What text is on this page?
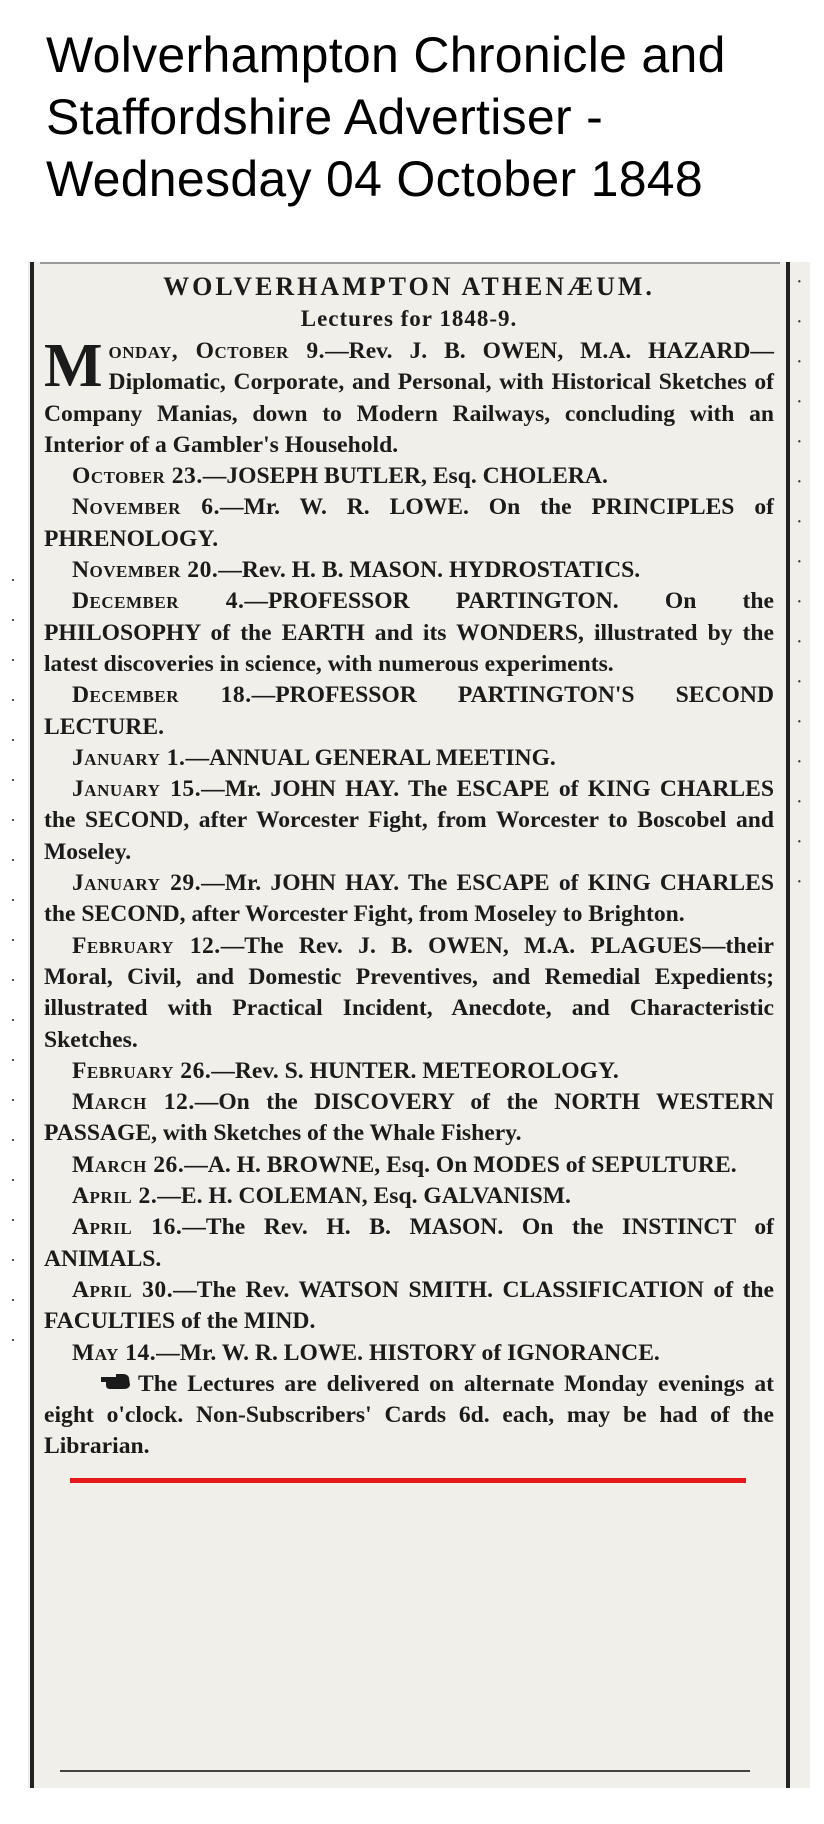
Wolverhampton Chronicle and
Staffordshire Advertiser -
Wednesday 04 October 1848
·
·
·
·
·
·
·
·
·
·
·
·
·
·
·
·
·
·
·
·
·
·
·
·
·
·
·
·
·
·
·
·
·
·
·
·
WOLVERHAMPTON ATHENÆUM.
Lectures for 1848-9.
Monday, October 9.—Rev. J. B. OWEN, M.A. HAZARD—Diplomatic, Corporate, and Personal, with Historical Sketches of Company Manias, down to Modern Railways, concluding with an Interior of a Gambler's Household.
October 23.—JOSEPH BUTLER, Esq. CHOLERA.
November 6.—Mr. W. R. LOWE. On the PRINCIPLES of PHRENOLOGY.
November 20.—Rev. H. B. MASON. HYDROSTATICS.
December 4.—PROFESSOR PARTINGTON. On the PHILOSOPHY of the EARTH and its WONDERS, illustrated by the latest discoveries in science, with numerous experiments.
December 18.—PROFESSOR PARTINGTON'S SECOND LECTURE.
January 1.—ANNUAL GENERAL MEETING.
January 15.—Mr. JOHN HAY. The ESCAPE of KING CHARLES the SECOND, after Worcester Fight, from Worcester to Boscobel and Moseley.
January 29.—Mr. JOHN HAY. The ESCAPE of KING CHARLES the SECOND, after Worcester Fight, from Moseley to Brighton.
February 12.—The Rev. J. B. OWEN, M.A. PLAGUES—their Moral, Civil, and Domestic Preventives, and Remedial Expedients; illustrated with Practical Incident, Anecdote, and Characteristic Sketches.
February 26.—Rev. S. HUNTER. METEOROLOGY.
March 12.—On the DISCOVERY of the NORTH WESTERN PASSAGE, with Sketches of the Whale Fishery.
March 26.—A. H. BROWNE, Esq. On MODES of SEPULTURE.
April 2.—E. H. COLEMAN, Esq. GALVANISM.
April 16.—The Rev. H. B. MASON. On the INSTINCT of ANIMALS.
April 30.—The Rev. WATSON SMITH. CLASSIFICATION of the FACULTIES of the MIND.
May 14.—Mr. W. R. LOWE. HISTORY of IGNORANCE.
The Lectures are delivered on alternate Monday evenings at eight o'clock. Non-Subscribers' Cards 6d. each, may be had of the Librarian.
